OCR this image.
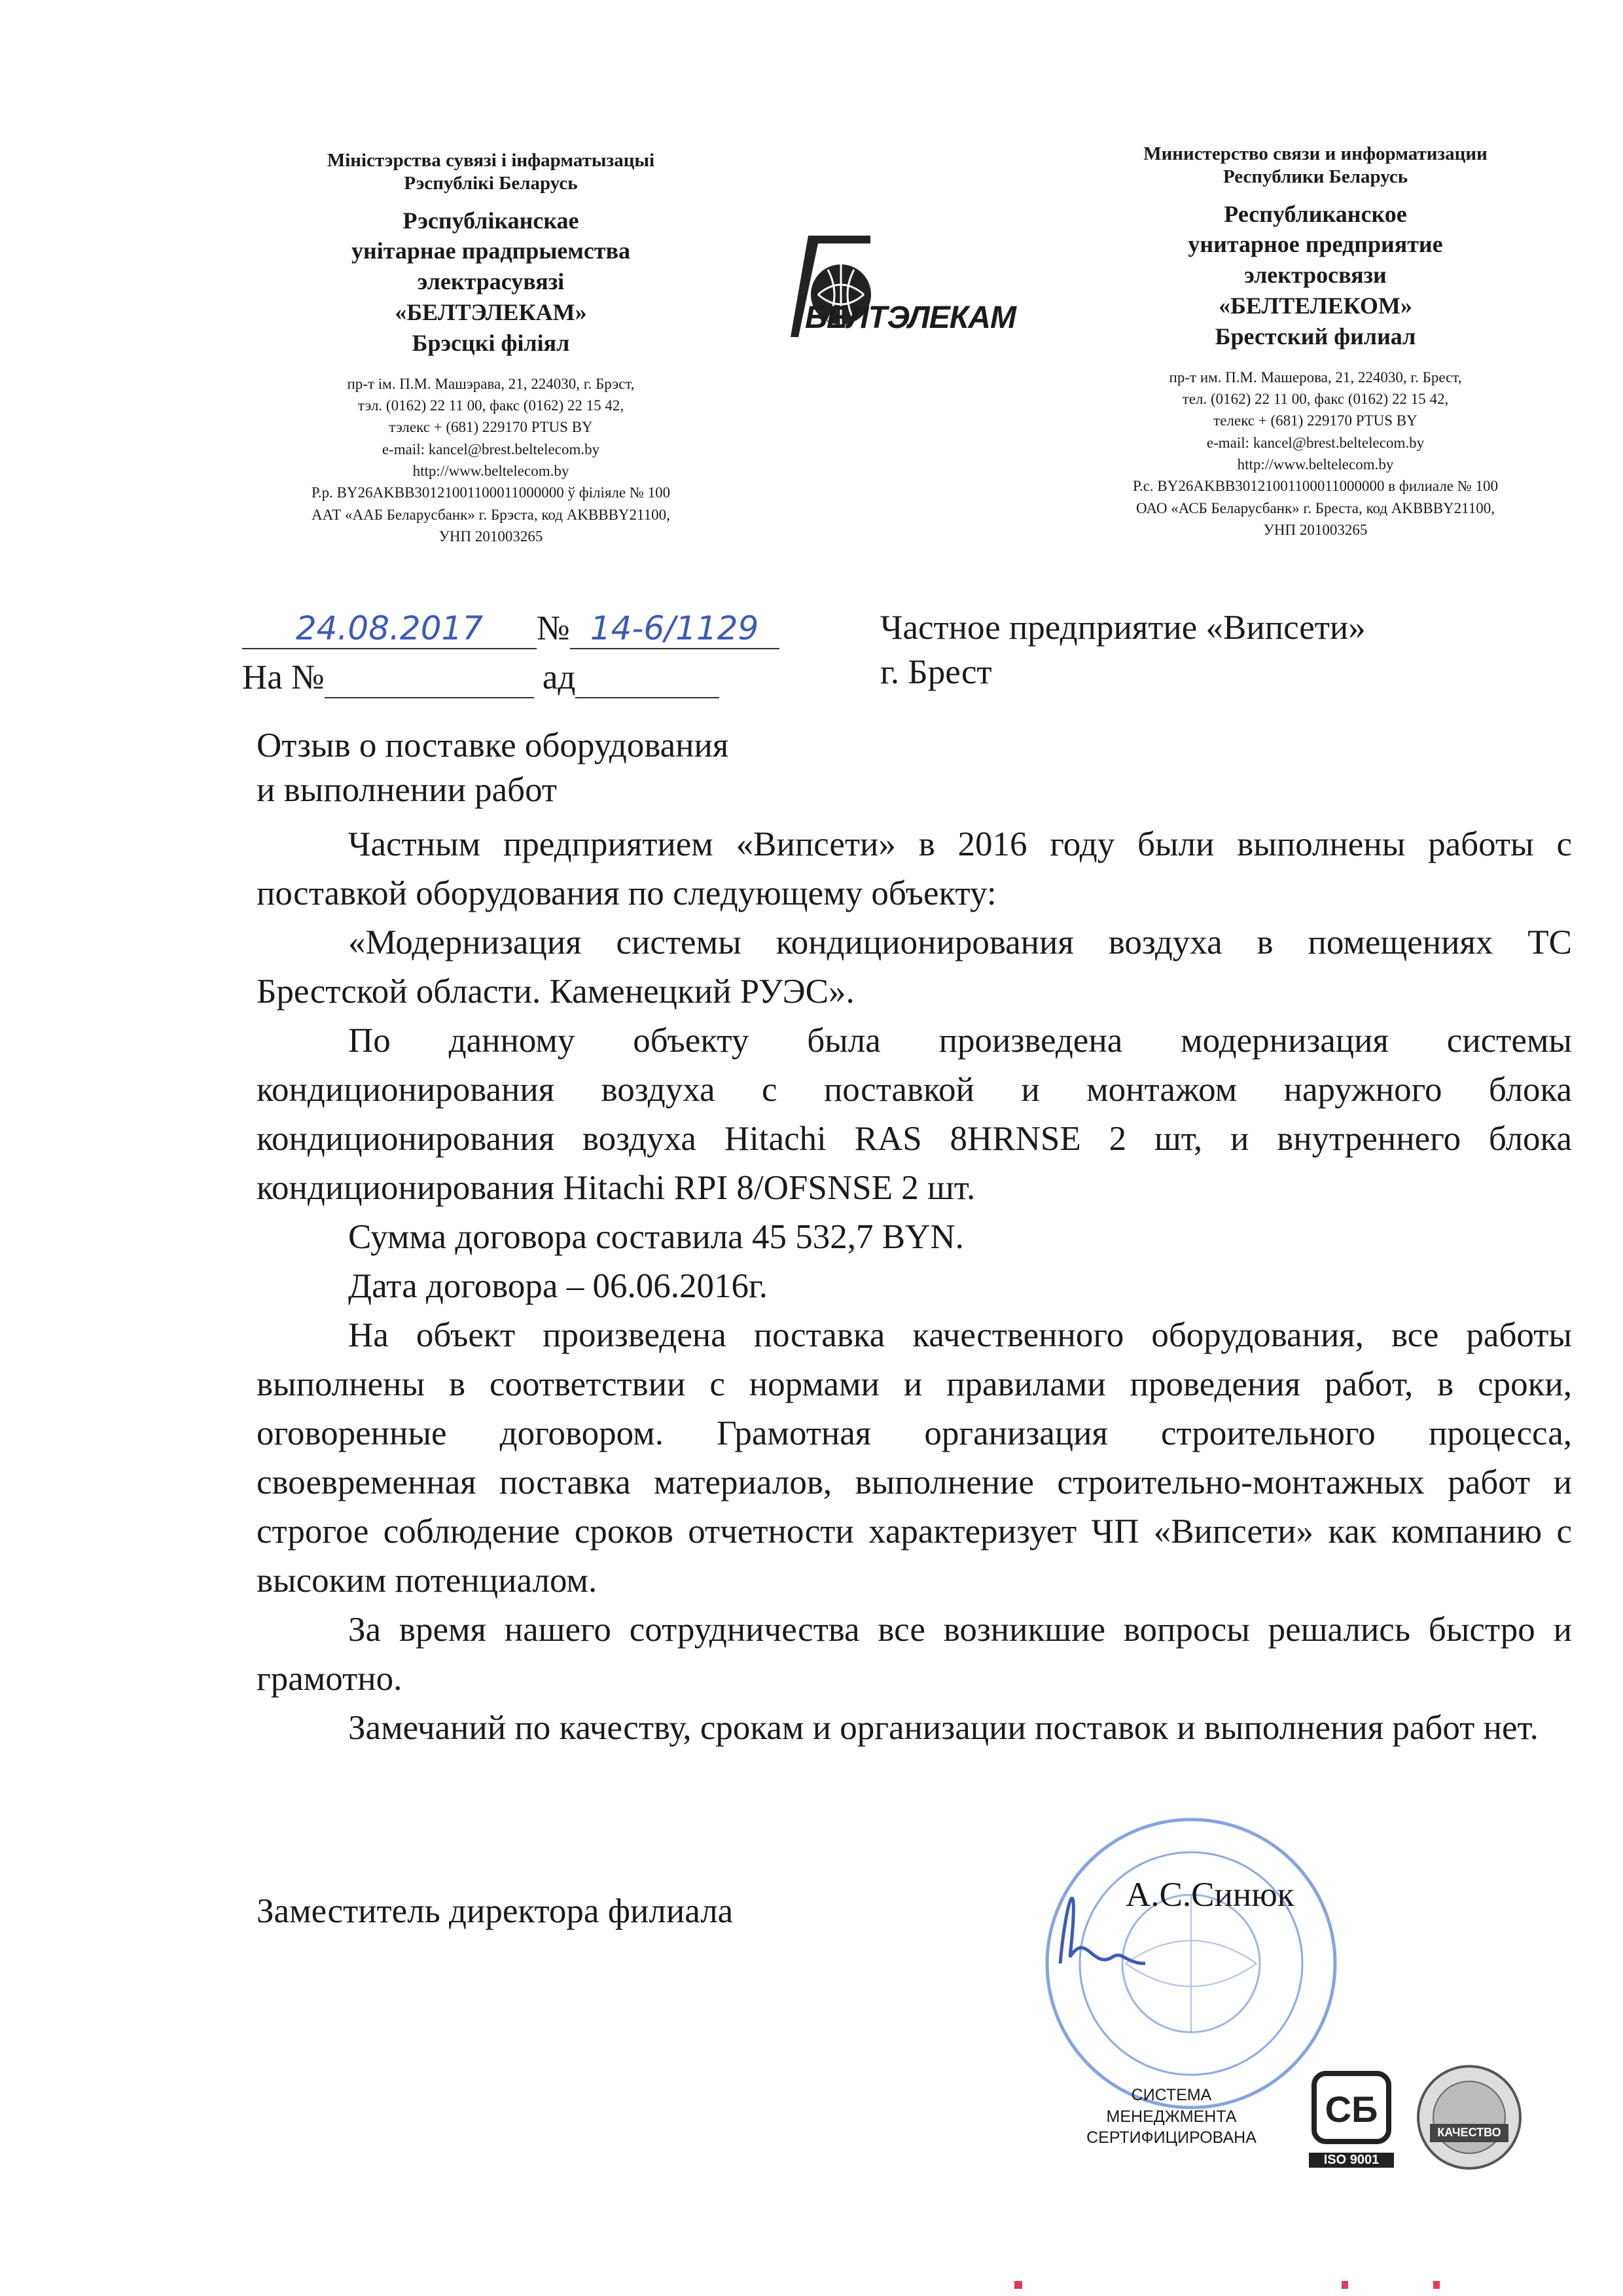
Міністэрства сувязі і інфарматызацыі
Рэспублікі Беларусь
Рэспубліканскае
унітарнае прадпрыемства
электрасувязі
«БЕЛТЭЛЕКАМ»
Брэсцкі філіял
пр-т ім. П.М. Машэрава, 21, 224030, г. Брэст,
тэл. (0162) 22 11 00, факс (0162) 22 15 42,
тэлекс + (681) 229170 PTUS BY
e-mail: kancel@brest.beltelecom.by
http://www.beltelecom.by
Р.р. BY26AKBB30121001100011000000 ў філіяле № 100
ААТ «ААБ Беларусбанк» г. Брэста, код AKBBBY21100,
УНП 201003265
БЕЛТЭЛЕКАМ
Министерство связи и информатизации
Республики Беларусь
Республиканское
унитарное предприятие
электросвязи
«БЕЛТЕЛЕКОМ»
Брестский филиал
пр-т им. П.М. Машерова, 21, 224030, г. Брест,
тел. (0162) 22 11 00, факс (0162) 22 15 42,
телекс + (681) 229170 PTUS BY
e-mail: kancel@brest.beltelecom.by
http://www.beltelecom.by
Р.с. BY26AKBB30121001100011000000 в филиале № 100
ОАО «АСБ Беларусбанк» г. Бреста, код AKBBBY21100,
УНП 201003265
24.08.2017 № 14-6/1129
На №	ад
Частное предприятие «Випсети»
г. Брест
Отзыв о поставке оборудования
и выполнении работ
Частным предприятием «Випсети» в 2016 году были выполнены работы с поставкой оборудования по следующему объекту:
«Модернизация системы кондиционирования воздуха в помещениях ТС Брестской области. Каменецкий РУЭС».
По данному объекту была произведена модернизация системы кондиционирования воздуха с поставкой и монтажом наружного блока кондиционирования воздуха Hitachi RAS 8HRNSE 2 шт, и внутреннего блока кондиционирования Hitachi RPI 8/OFSNSE 2 шт.
Сумма договора составила 45 532,7 BYN.
Дата договора – 06.06.2016г.
На объект произведена поставка качественного оборудования, все работы выполнены в соответствии с нормами и правилами проведения работ, в сроки, оговоренные договором. Грамотная организация строительного процесса, своевременная поставка материалов, выполнение строительно-монтажных работ и строгое соблюдение сроков отчетности характеризует ЧП «Випсети» как компанию с высоким потенциалом.
За время нашего сотрудничества все возникшие вопросы решались быстро и грамотно.
Замечаний по качеству, срокам и организации поставок и выполнения работ нет.
Заместитель директора филиала	А.С.Синюк
СИСТЕМА
МЕНЕДЖМЕНТА
СЕРТИФИЦИРОВАНА
СБ
ISO 9001
КАЧЕСТВО
